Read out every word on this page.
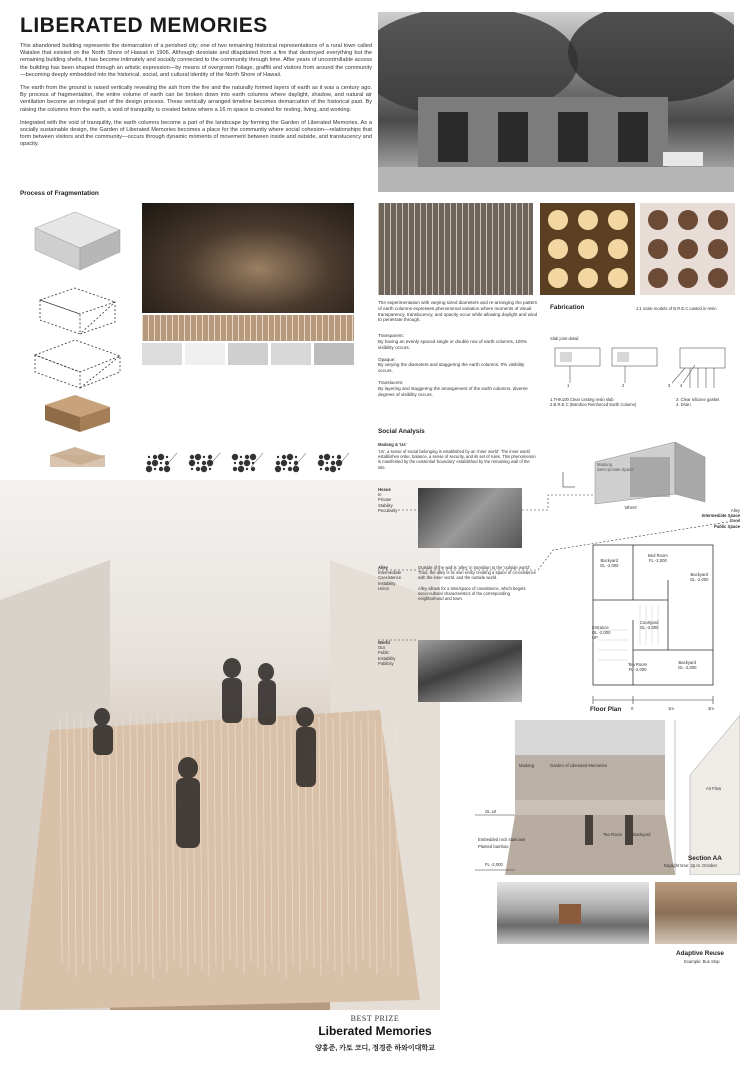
LIBERATED MEMORIES

This abandoned building represents the demarcation of a perished city; one of two remaining historical representations of a rural town called Waialee that existed on the North Shore of Hawaii in 1906. Although desolate and dilapidated from a fire that destroyed everything but the remaining building shells, it has become intimately and socially connected to the community through time. After years of uncontrollable access the building has been shaped through an artistic expression—by means of overgrown foliage, graffiti and visitors from around the community—becoming deeply embedded into the historical, social, and cultural identity of the North Shore of Hawaii.

The earth from the ground is raised vertically revealing the ash from the fire and the naturally formed layers of earth as it was a century ago. By process of fragmentation, the entire volume of earth can be broken down into earth columns where daylight, shadow, and natural air ventilation become an integral part of the design process. These vertically arranged timeline becomes demarcation of the historical past. By raising the columns from the earth, a void of tranquility is created below where a 16 m space is created for resting, living, and working.

Integrated with the void of tranquility, the earth columns become a part of the landscape by forming the Garden of Liberated Memories. As a socially sustainable design, the Garden of Liberated Memories becomes a place for the community where social cohesion—relationships that form between visitors and the community—occurs through dynamic moments of movement between inside and outside, and translucency and opacity.

Process of Fragmentation
The experimentation with varying sized diameters and re-arranging the pattern of earth columns expresses phenomenal variation where moments of visual transparency, translucency, and opacity occur while allowing daylight and wind to penetrate through.
Transparent:
By having an evenly spaced single or double row of earth columns, 100% visibility occurs.
Opaque:
By varying the diameters and staggering the earth columns, 0% visibility occurs.
Translucent:
By layering and staggering the arrangement of the earth columns, diverse degrees of visibility occurs.
Fabrication	1:1 scale models of B.R.E.C.casted in resin
Slab joint detail
1	2	3 4
1.THK100 Clear casting resin slab
2.B.R.E.C (Bamboo Reinforced Earth Column)
3. Clear silicone gasket
4. Drain
Social Analysis
Madang & 'Us'
'Us', a sense of social belonging is established by an 'inner world'. The inner world establishes order, balance, a sense of security, and its set of rules. This phenomenon is manifested by the existential 'boundary' established by the remaining wall of the site.
Madang
Semi-private Space
'others'
Alley
Intermediate Space
Road
Public Space
Hosue
In
Private
Stability
Peculiarity
Alley
Intermediate
Coexistence
Instability
Union
Outside of the wall is 'alley' in transition to the 'outside world'. Thus, the alley is its own entity creating a space of co-existence with the inner world, and the outside world.
Alley allows for a time/space of coexistence, which begets socio-cultural characteristics of the corresponding neighborhood and town.
World
Out
Public
Instability
Publicity
Bed Room
FL -2,000
Backyard
GL -2,000
Backyard
GL -2,000
Courtyard
GL -2,000
Entrance
GL -2,000
UP
Tea Room
FL -2,000
Backyard
GL -2,000
Floor Plan 0	1m	3m
Madang	Garden of Liberated Memories
Air Flow
GL ±0
Embedded rock staircase
Planted bamboo
FL -2,000
Tea Room	Backyard
Section AA
Daylight time: 2p.m. October
Adaptive Reuse
Example: Bus Stop
BEST PRIZE
Liberated Memories
양홍준, 카토 코디, 정경준 하와이대학교
